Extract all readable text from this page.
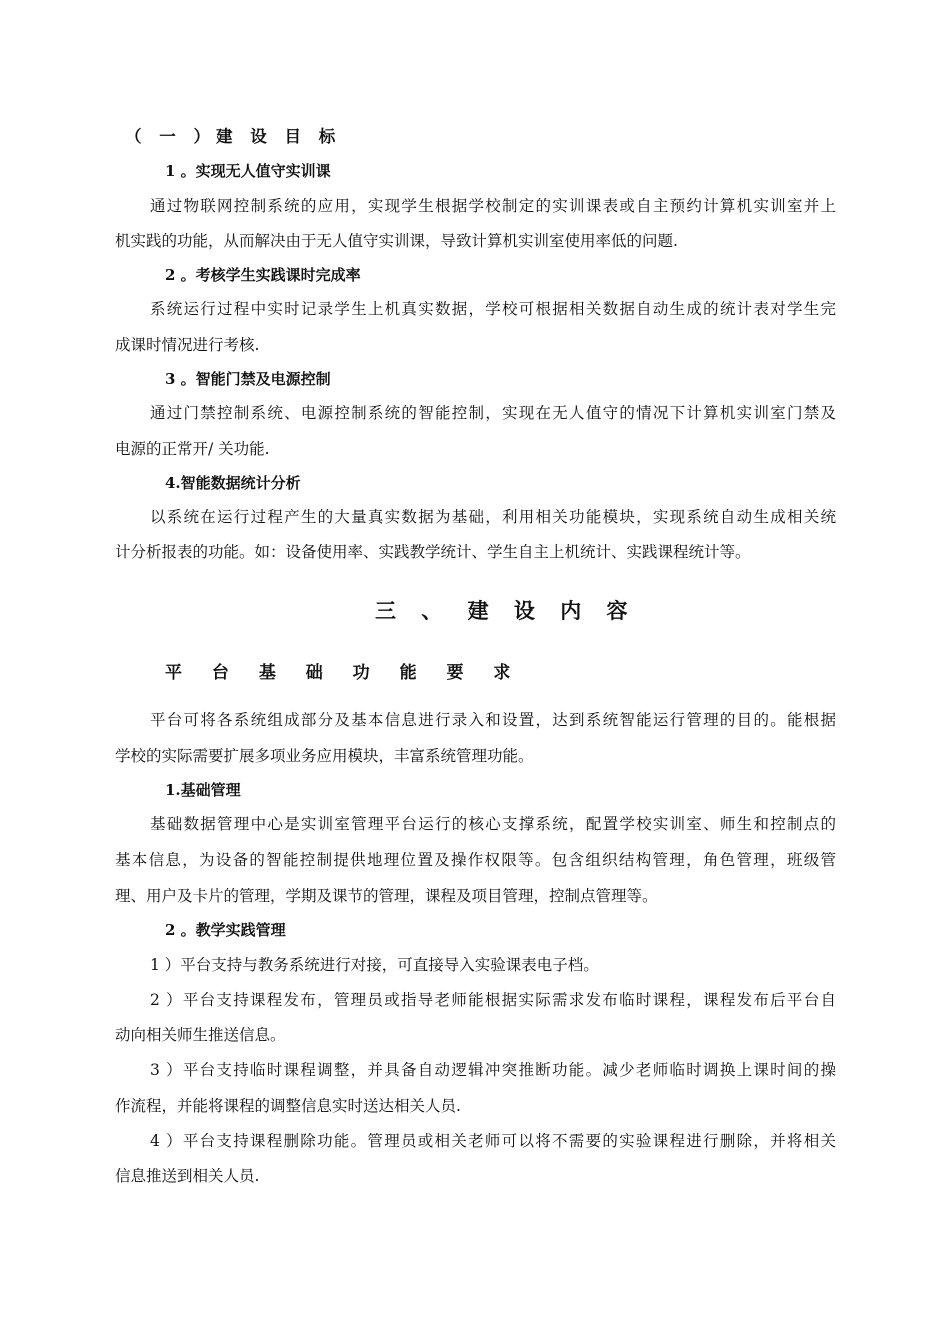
（ 一 ）建 设 目 标
1 。实现无人值守实训课
通过物联网控制系统的应用，实现学生根据学校制定的实训课表或自主预约计算机实训室并上
机实践的功能，从而解决由于无人值守实训课，导致计算机实训室使用率低的问题.
2 。考核学生实践课时完成率
系统运行过程中实时记录学生上机真实数据，学校可根据相关数据自动生成的统计表对学生完
成课时情况进行考核.
3 。智能门禁及电源控制
通过门禁控制系统、电源控制系统的智能控制，实现在无人值守的情况下计算机实训室门禁及
电源的正常开/ 关功能.
4.智能数据统计分析
以系统在运行过程产生的大量真实数据为基础，利用相关功能模块，实现系统自动生成相关统
计分析报表的功能。如：设备使用率、实践教学统计、学生自主上机统计、实践课程统计等。
三 、 建 设 内 容
平 台 基 础 功 能 要 求
平台可将各系统组成部分及基本信息进行录入和设置，达到系统智能运行管理的目的。能根据
学校的实际需要扩展多项业务应用模块，丰富系统管理功能。
1.基础管理
基础数据管理中心是实训室管理平台运行的核心支撑系统，配置学校实训室、师生和控制点的
基本信息，为设备的智能控制提供地理位置及操作权限等。包含组织结构管理，角色管理，班级管
理、用户及卡片的管理，学期及课节的管理，课程及项目管理，控制点管理等。
2 。教学实践管理
1 ）平台支持与教务系统进行对接，可直接导入实验课表电子档。
2 ）平台支持课程发布，管理员或指导老师能根据实际需求发布临时课程，课程发布后平台自
动向相关师生推送信息。
3 ）平台支持临时课程调整，并具备自动逻辑冲突推断功能。减少老师临时调换上课时间的操
作流程，并能将课程的调整信息实时送达相关人员.
4 ）平台支持课程删除功能。管理员或相关老师可以将不需要的实验课程进行删除，并将相关
信息推送到相关人员.
